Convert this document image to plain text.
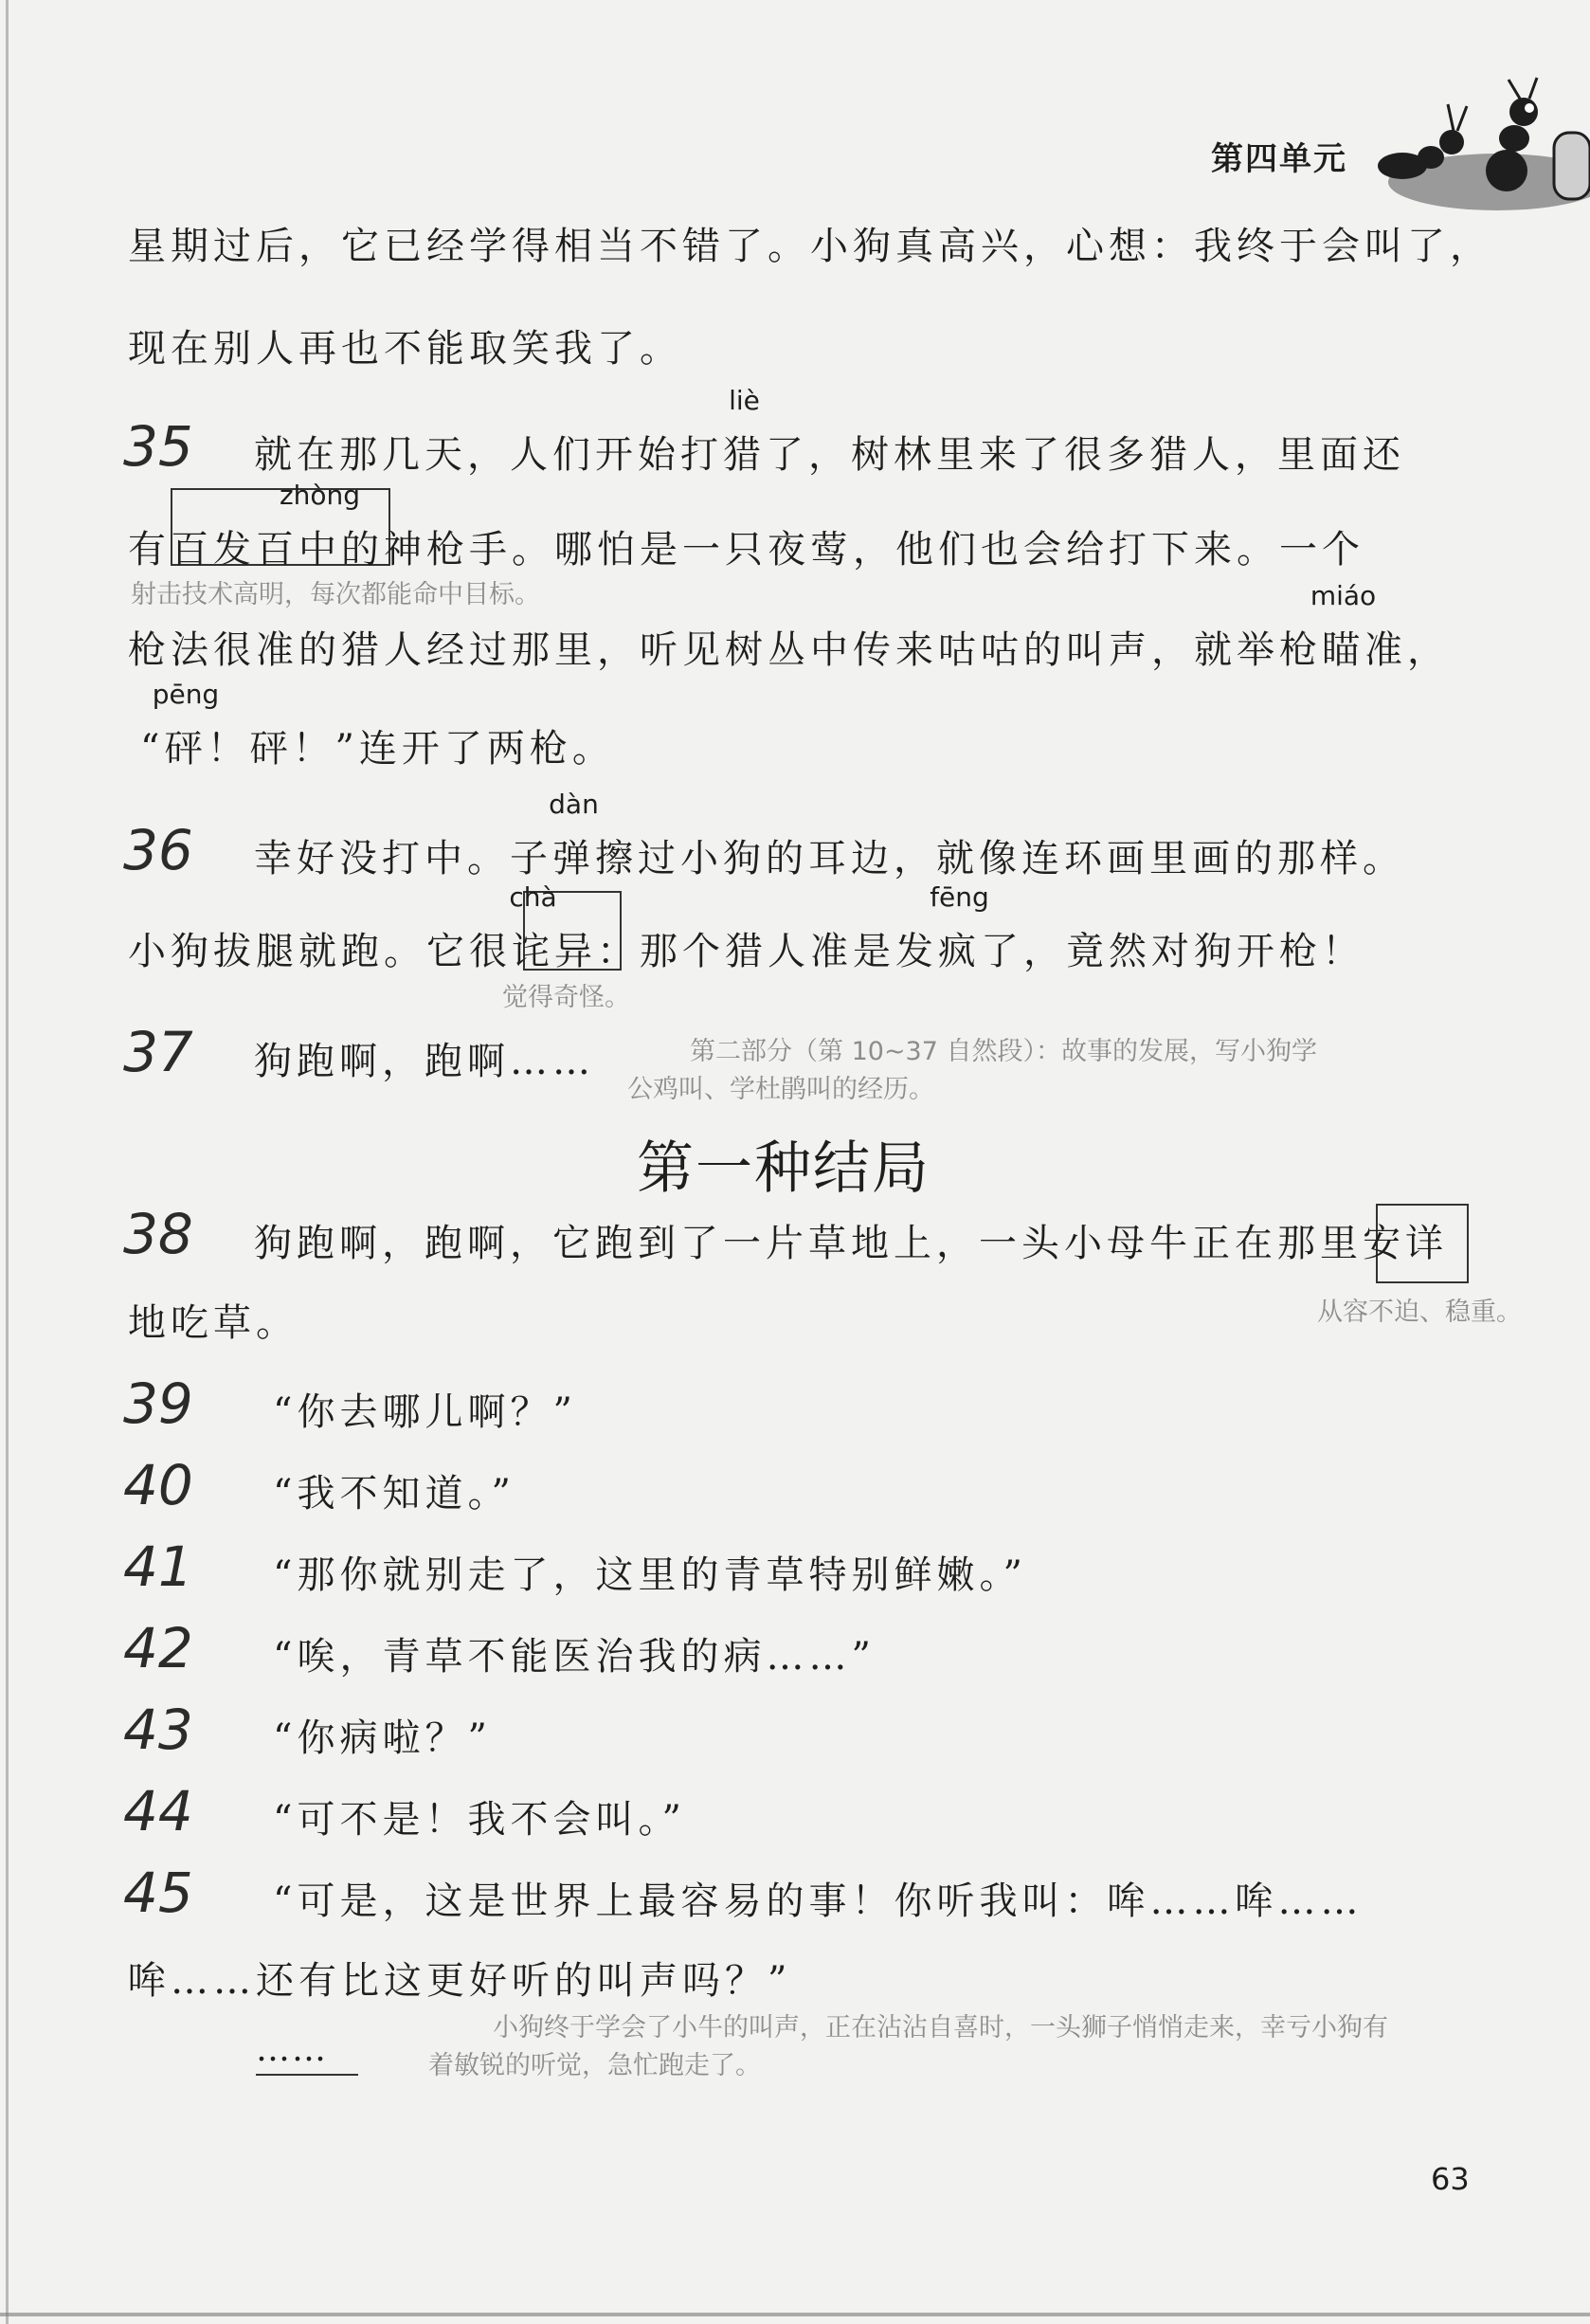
第四单元
星期过后，它已经学得相当不错了。小狗真高兴，心想：我终于会叫了，
现在别人再也不能取笑我了。
35 就在那几天，人们开始打
liè
猎了，树林里来了很多猎人，里面还
有百发百
zhòng
中的神枪手。哪怕是一只夜莺，他们也会给打下来。一个
射击技术高明，每次都能命中目标。
枪法很准的猎人经过那里，听见树丛中传来咕咕的叫声，就举枪
miáo
瞄准，
“
pēng
砰！砰！”连开了两枪。
36 幸好没打中。子
dàn
弹擦过小狗的耳边，就像连环画里画的那样。
小狗拔腿就跑。它很
chà
诧异：那个猎人准是发
fēng
疯了，竟然对狗开枪！
觉得奇怪。
37 狗跑啊，跑啊……	第二部分（第 10~37 自然段）：故事的发展，写小狗学
公鸡叫、学杜鹃叫的经历。
第一种结局
38 狗跑啊，跑啊，它跑到了一片草地上，一头小母牛正在那里安详
地吃草。	从容不迫、稳重。
39 “你去哪儿啊？”
40 “我不知道。”
41 “那你就别走了，这里的青草特别鲜嫩。”
42 “唉，青草不能医治我的病……”
43 “你病啦？”
44 “可不是！我不会叫。”
45 “可是，这是世界上最容易的事！你听我叫：哞……哞……
哞……还有比这更好听的叫声吗？”
小狗终于学会了小牛的叫声，正在沾沾自喜时，一头狮子悄悄走来，幸亏小狗有
着敏锐的听觉，急忙跑走了。
……
63
